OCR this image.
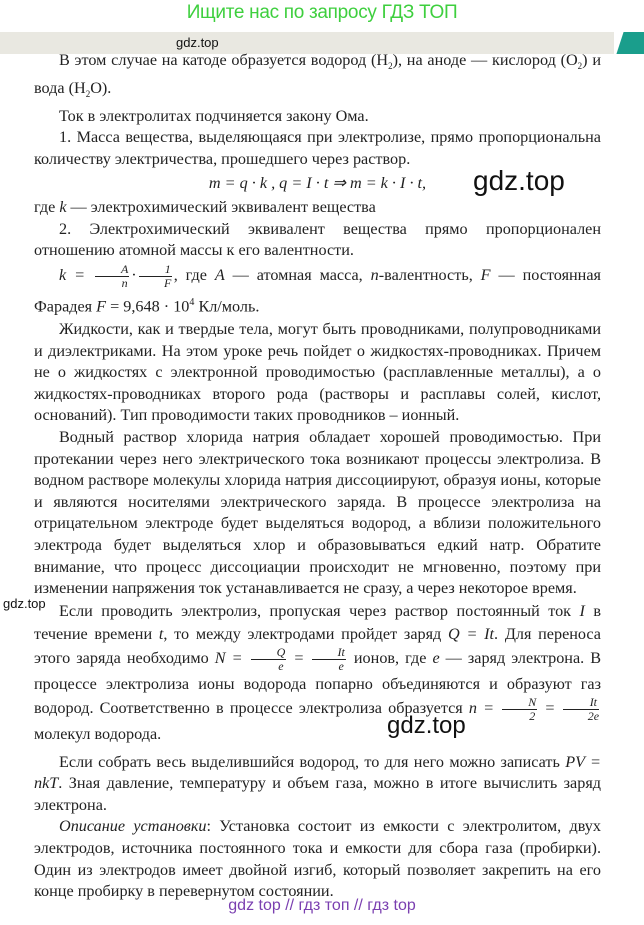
Ищите нас по запросу ГДЗ ТОП
gdz.top
gdz.top
gdz.top
gdz.top

В этом случае на катоде образуется водород $(H_2)$, на аноде — кислород $(O_2)$ и вода $(H_2O)$.

Ток в электролитах подчиняется закону Ома.

1. Масса вещества, выделяющаяся при электролизе, прямо пропорциональна количеству электричества, прошедшего через раствор.

m = q · k , q = I · t ⇒ m = k · I · t,

где k — электрохимический эквивалент вещества

2. Электрохимический эквивалент вещества прямо пропорционален отношению атомной массы к его валентности.

$k = \frac{A}{n} \cdot \frac{1}{F}$ , где A — атомная масса, n-валентность, F — постоянная Фарадея $F = 9,648 \cdot 10^4$ Кл/моль.

Жидкости, как и твердые тела, могут быть проводниками, полупроводниками и диэлектриками. На этом уроке речь пойдет о жидкостях-проводниках. Причем не о жидкостях с электронной проводимостью (расплавленные металлы), а о жидкостях-проводниках второго рода (растворы и расплавы солей, кислот, оснований). Тип проводимости таких проводников – ионный.

Водный раствор хлорида натрия обладает хорошей проводимостью. При протекании через него электрического тока возникают процессы электролиза. В водном растворе молекулы хлорида натрия диссоциируют, образуя ионы, которые и являются носителями электрического заряда. В процессе электролиза на отрицательном электроде будет выделяться водород, а вблизи положительного электрода будет выделяться хлор и образовываться едкий натр. Обратите внимание, что процесс диссоциации происходит не мгновенно, поэтому при изменении напряжения ток устанавливается не сразу, а через некоторое время.

Если проводить электролиз, пропуская через раствор постоянный ток I в течение времени t, то между электродами пройдет заряд Q = It. Для переноса этого заряда необходимо $N = \frac{Q}{e} = \frac{It}{e}$ ионов, где e — заряд электрона. В процессе электролиза ионы водорода попарно объединяются и образуют газ водород. Соответственно в процессе электролиза образуется $n = \frac{N}{2} = \frac{It}{2e}$
молекул водорода.

Если собрать весь выделившийся водород, то для него можно записать PV = nkT. Зная давление, температуру и объем газа, можно в итоге вычислить заряд электрона.

Описание установки: Установка состоит из емкости с электролитом, двух электродов, источника постоянного тока и емкости для сбора газа (пробирки). Один из электродов имеет двойной изгиб, который позволяет закрепить на его конце пробирку в перевернутом состоянии.

gdz top // гдз топ // гдз top
